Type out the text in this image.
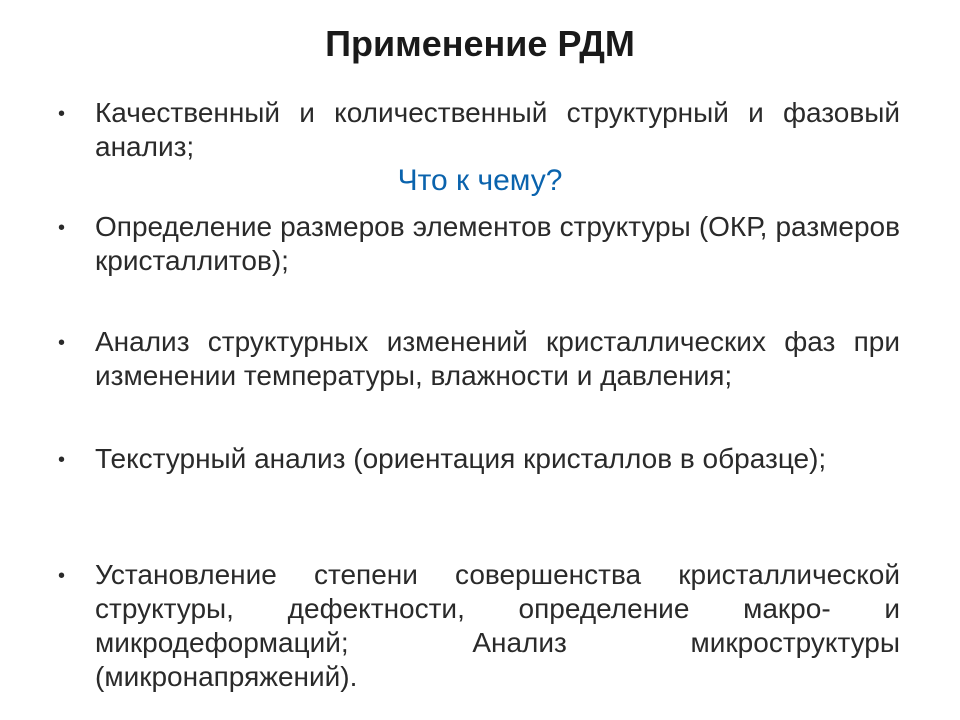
Применение РДМ
• Качественный и количественный структурный и фазовый анализ;
Что к чему?
• Определение размеров элементов структуры (ОКР, размеров кристаллитов);
• Анализ структурных изменений кристаллических фаз при изменении температуры, влажности и давления;
• Текстурный анализ (ориентация кристаллов в образце);
• Установление степени совершенства кристаллической структуры, дефектности, определение макро- и микродеформаций; Анализ микроструктуры (микронапряжений).
